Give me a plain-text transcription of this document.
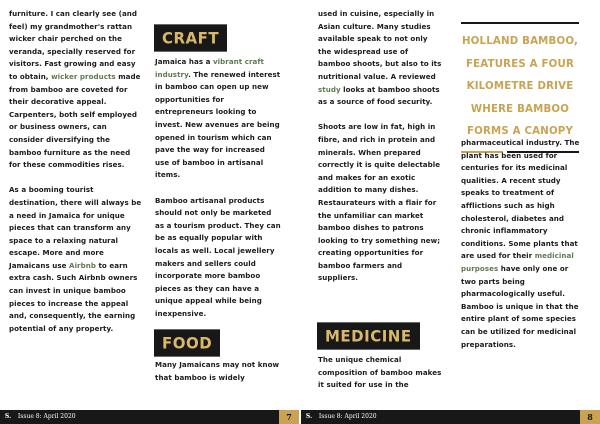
furniture. I can clearly see (and feel) my grandmother's rattan wicker chair perched on the veranda, specially reserved for visitors. Fast growing and easy to obtain, wicker products made from bamboo are coveted for their decorative appeal. Carpenters, both self employed or business owners, can consider diversifying the bamboo furniture as the need for these commodities rises.

As a booming tourist destination, there will always be a need in Jamaica for unique pieces that can transform any space to a relaxing natural escape. More and more Jamaicans use Airbnb to earn extra cash. Such Airbnb owners can invest in unique bamboo pieces to increase the appeal and, consequently, the earning potential of any property.

CRAFT

Jamaica has a vibrant craft industry. The renewed interest in bamboo can open up new opportunities for entrepreneurs looking to invest. New avenues are being opened in tourism which can pave the way for increased use of bamboo in artisanal items.

Bamboo artisanal products should not only be marketed as a tourism product. They can be as equally popular with locals as well. Local jewellery makers and sellers could incorporate more bamboo pieces as they can have a unique appeal while being inexpensive.

FOOD

Many Jamaicans may not know that bamboo is widely

used in cuisine, especially in Asian culture. Many studies available speak to not only the widespread use of bamboo shoots, but also to its nutritional value. A reviewed study looks at bamboo shoots as a source of food security.

Shoots are low in fat, high in fibre, and rich in protein and minerals. When prepared correctly it is quite delectable and makes for an exotic addition to many dishes. Restaurateurs with a flair for the unfamiliar can market bamboo dishes to patrons looking to try something new; creating opportunities for bamboo farmers and suppliers.

MEDICINE

The unique chemical composition of bamboo makes it suited for use in the

HOLLAND BAMBOO, FEATURES A FOUR KILOMETRE DRIVE WHERE BAMBOO FORMS A CANOPY

pharmaceutical industry. The plant has been used for centuries for its medicinal qualities. A recent study speaks to treatment of afflictions such as high cholesterol, diabetes and chronic inflammatory conditions. Some plants that are used for their medicinal purposes have only one or two parts being pharmacologically useful. Bamboo is unique in that the entire plant of some species can be utilized for medicinal preparations.

S. Issue 8: April 2020	7	S. Issue 8: April 2020	8
